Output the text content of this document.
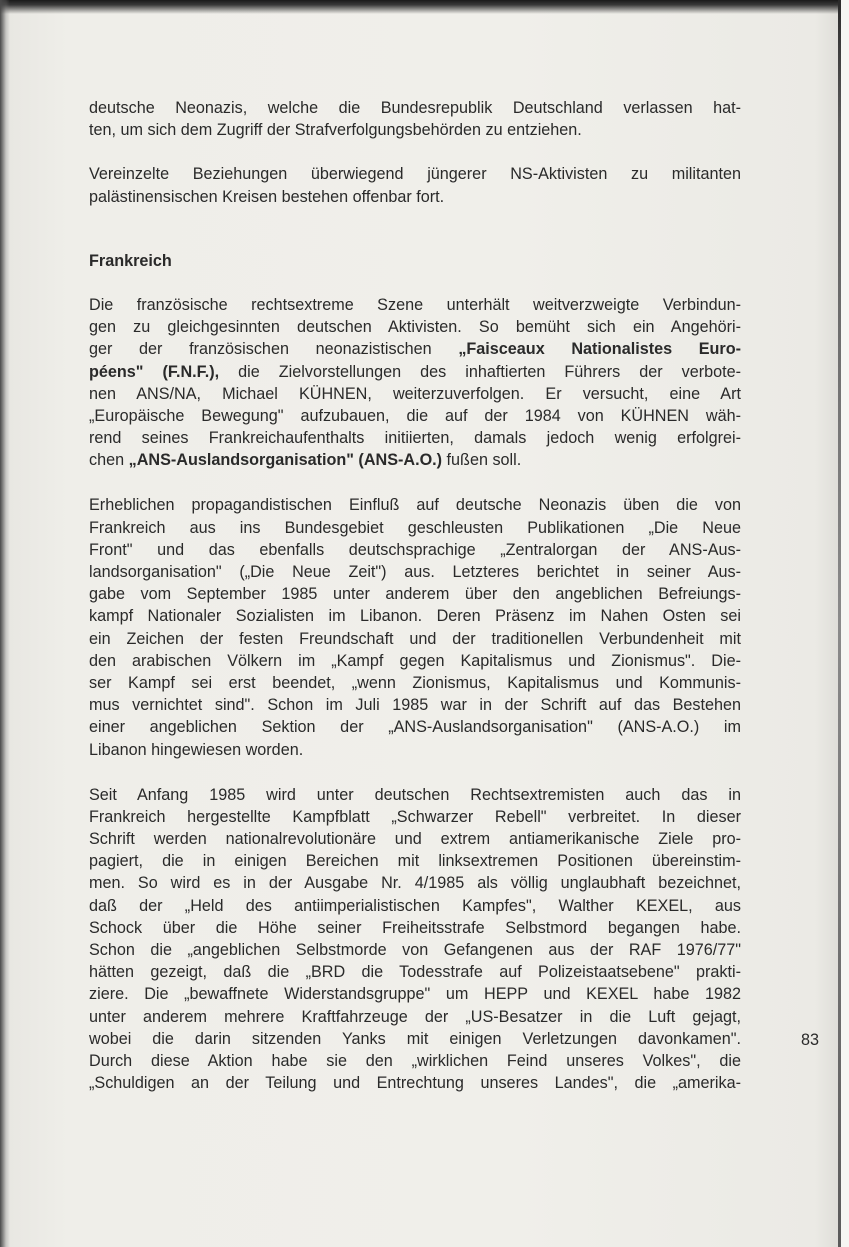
deutsche Neonazis, welche die Bundesrepublik Deutschland verlassen hat-
ten, um sich dem Zugriff der Strafverfolgungsbehörden zu entziehen.

Vereinzelte Beziehungen überwiegend jüngerer NS-Aktivisten zu militanten
palästinensischen Kreisen bestehen offenbar fort.

Frankreich

Die französische rechtsextreme Szene unterhält weitverzweigte Verbindun-
gen zu gleichgesinnten deutschen Aktivisten. So bemüht sich ein Angehöri-
ger der französischen neonazistischen „Faisceaux Nationalistes Euro-
péens" (F.N.F.), die Zielvorstellungen des inhaftierten Führers der verbote-
nen ANS/NA, Michael KÜHNEN, weiterzuverfolgen. Er versucht, eine Art
„Europäische Bewegung" aufzubauen, die auf der 1984 von KÜHNEN wäh-
rend seines Frankreichaufenthalts initiierten, damals jedoch wenig erfolgrei-
chen „ANS-Auslandsorganisation" (ANS-A.O.) fußen soll.

Erheblichen propagandistischen Einfluß auf deutsche Neonazis üben die von
Frankreich aus ins Bundesgebiet geschleusten Publikationen „Die Neue
Front" und das ebenfalls deutschsprachige „Zentralorgan der ANS-Aus-
landsorganisation" („Die Neue Zeit") aus. Letzteres berichtet in seiner Aus-
gabe vom September 1985 unter anderem über den angeblichen Befreiungs-
kampf Nationaler Sozialisten im Libanon. Deren Präsenz im Nahen Osten sei
ein Zeichen der festen Freundschaft und der traditionellen Verbundenheit mit
den arabischen Völkern im „Kampf gegen Kapitalismus und Zionismus". Die-
ser Kampf sei erst beendet, „wenn Zionismus, Kapitalismus und Kommunis-
mus vernichtet sind". Schon im Juli 1985 war in der Schrift auf das Bestehen
einer angeblichen Sektion der „ANS-Auslandsorganisation" (ANS-A.O.) im
Libanon hingewiesen worden.

Seit Anfang 1985 wird unter deutschen Rechtsextremisten auch das in
Frankreich hergestellte Kampfblatt „Schwarzer Rebell" verbreitet. In dieser
Schrift werden nationalrevolutionäre und extrem antiamerikanische Ziele pro-
pagiert, die in einigen Bereichen mit linksextremen Positionen übereinstim-
men. So wird es in der Ausgabe Nr. 4/1985 als völlig unglaubhaft bezeichnet,
daß der „Held des antiimperialistischen Kampfes", Walther KEXEL, aus
Schock über die Höhe seiner Freiheitsstrafe Selbstmord begangen habe.
Schon die „angeblichen Selbstmorde von Gefangenen aus der RAF 1976/77"
hätten gezeigt, daß die „BRD die Todesstrafe auf Polizeistaatsebene" prakti-
ziere. Die „bewaffnete Widerstandsgruppe" um HEPP und KEXEL habe 1982
unter anderem mehrere Kraftfahrzeuge der „US-Besatzer in die Luft gejagt,
wobei die darin sitzenden Yanks mit einigen Verletzungen davonkamen".
Durch diese Aktion habe sie den „wirklichen Feind unseres Volkes", die
„Schuldigen an der Teilung und Entrechtung unseres Landes", die „amerika-

83
